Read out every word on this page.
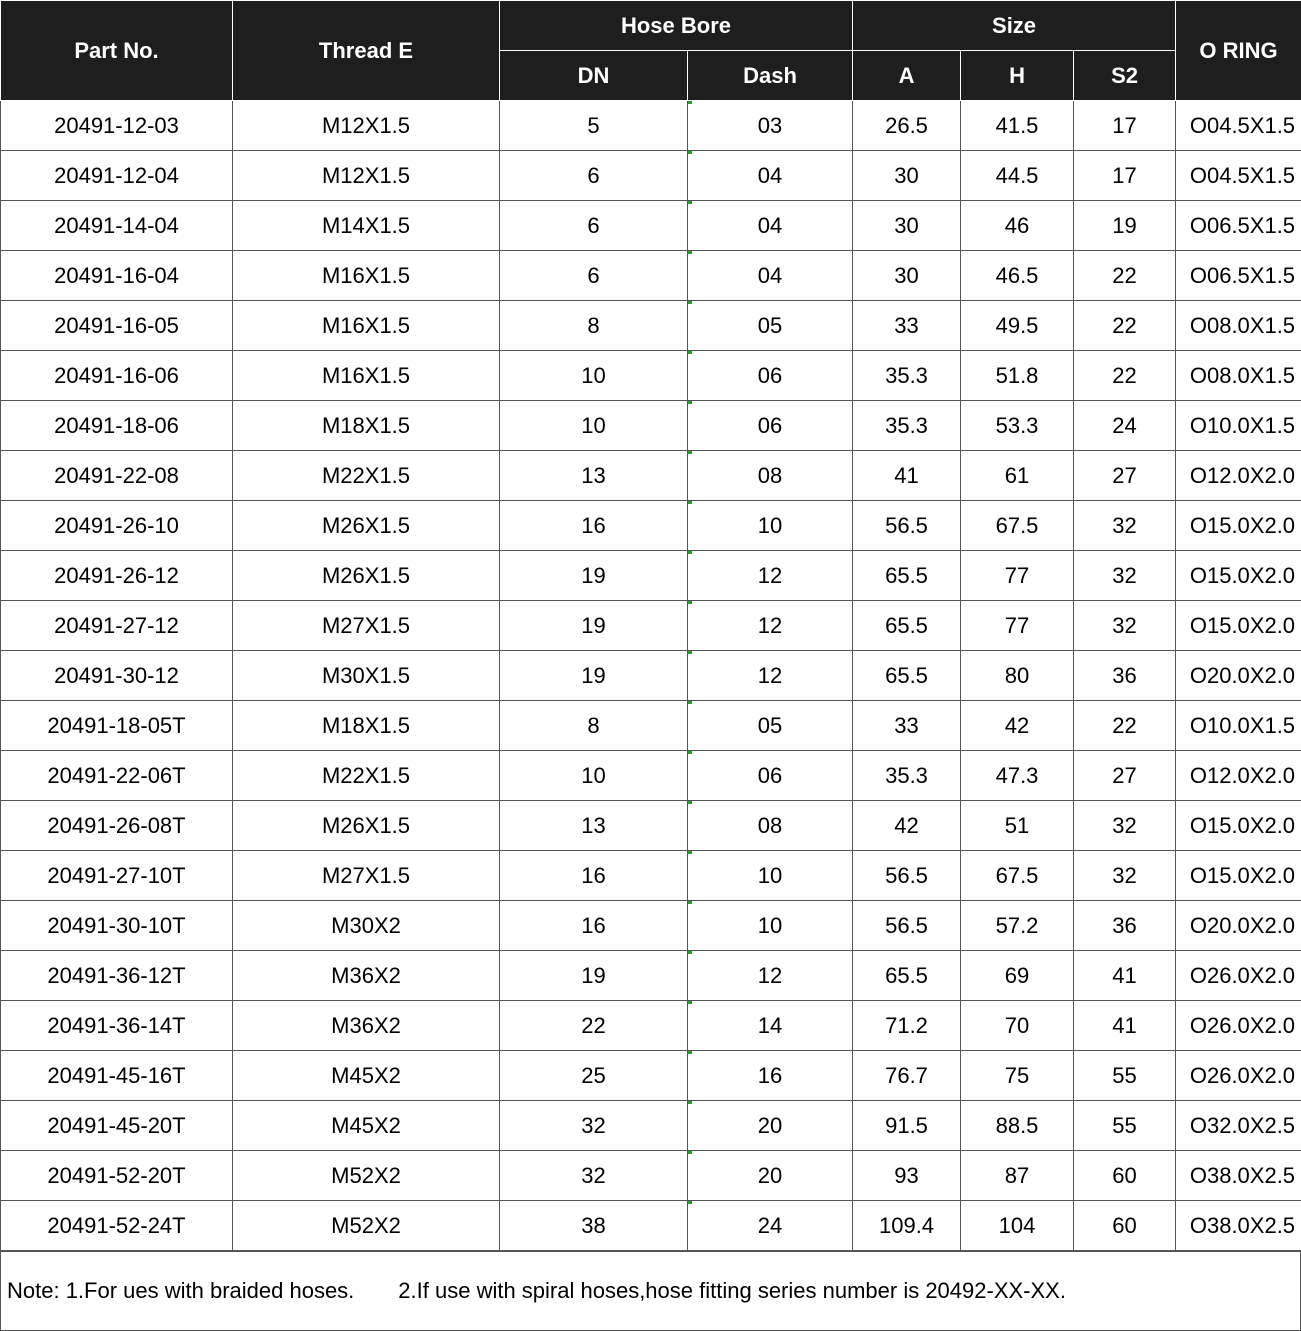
Part No.	Thread E	Hose Bore		Size			O RING
		DN	Dash	A	H	S2	
20491-12-03	M12X1.5	5	03	26.5	41.5	17	O04.5X1.5
20491-12-04	M12X1.5	6	04	30	44.5	17	O04.5X1.5
20491-14-04	M14X1.5	6	04	30	46	19	O06.5X1.5
20491-16-04	M16X1.5	6	04	30	46.5	22	O06.5X1.5
20491-16-05	M16X1.5	8	05	33	49.5	22	O08.0X1.5
20491-16-06	M16X1.5	10	06	35.3	51.8	22	O08.0X1.5
20491-18-06	M18X1.5	10	06	35.3	53.3	24	O10.0X1.5
20491-22-08	M22X1.5	13	08	41	61	27	O12.0X2.0
20491-26-10	M26X1.5	16	10	56.5	67.5	32	O15.0X2.0
20491-26-12	M26X1.5	19	12	65.5	77	32	O15.0X2.0
20491-27-12	M27X1.5	19	12	65.5	77	32	O15.0X2.0
20491-30-12	M30X1.5	19	12	65.5	80	36	O20.0X2.0
20491-18-05T	M18X1.5	8	05	33	42	22	O10.0X1.5
20491-22-06T	M22X1.5	10	06	35.3	47.3	27	O12.0X2.0
20491-26-08T	M26X1.5	13	08	42	51	32	O15.0X2.0
20491-27-10T	M27X1.5	16	10	56.5	67.5	32	O15.0X2.0
20491-30-10T	M30X2	16	10	56.5	57.2	36	O20.0X2.0
20491-36-12T	M36X2	19	12	65.5	69	41	O26.0X2.0
20491-36-14T	M36X2	22	14	71.2	70	41	O26.0X2.0
20491-45-16T	M45X2	25	16	76.7	75	55	O26.0X2.0
20491-45-20T	M45X2	32	20	91.5	88.5	55	O32.0X2.5
20491-52-20T	M52X2	32	20	93	87	60	O38.0X2.5
20491-52-24T	M52X2	38	24	109.4	104	60	O38.0X2.5
Note: 1.For ues with braided hoses. 2.If use with spiral hoses,hose fitting series number is 20492-XX-XX.
